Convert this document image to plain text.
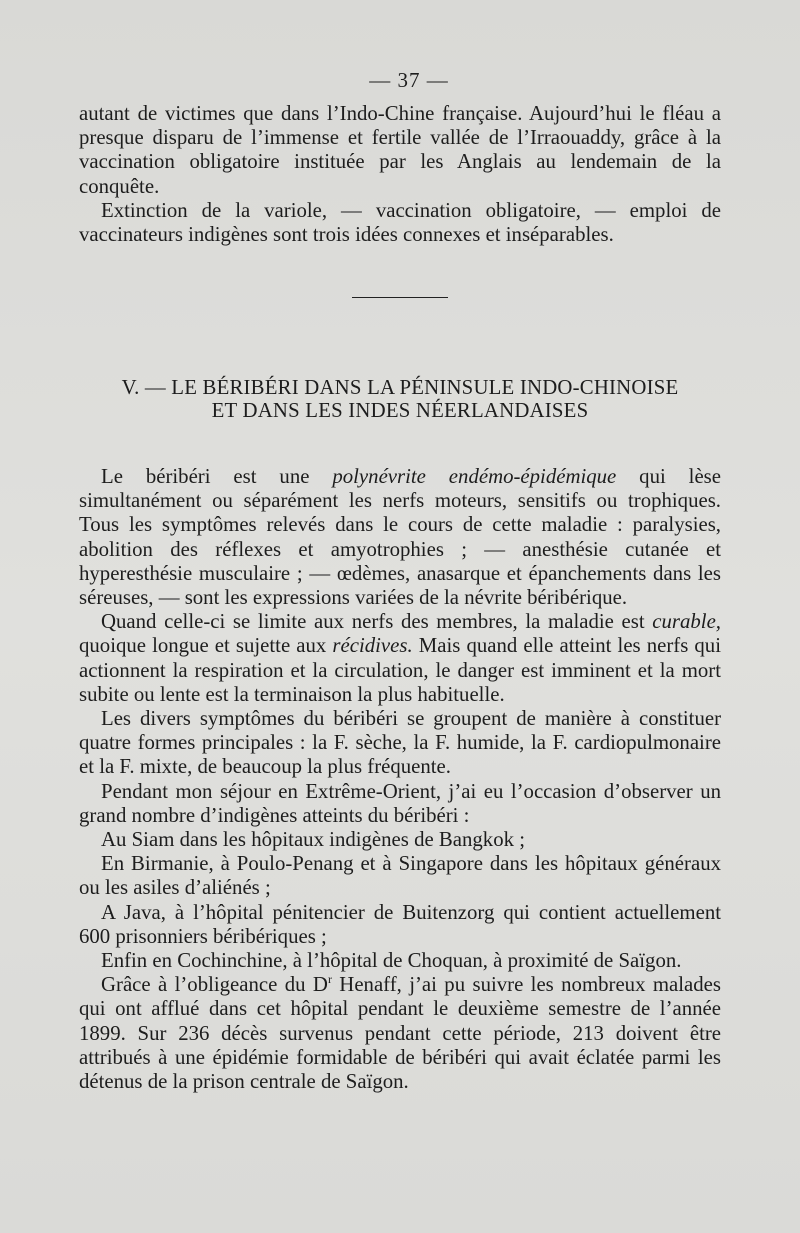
— 37 —

autant de victimes que dans l’Indo-Chine française. Aujourd’hui le fléau a presque disparu de l’immense et fertile vallée de l’Irraouaddy, grâce à la vaccination obligatoire instituée par les Anglais au lendemain de la conquête.

Extinction de la variole, — vaccination obligatoire, — emploi de vaccinateurs indigènes sont trois idées connexes et inséparables.

V. — LE BÉRIBÉRI DANS LA PÉNINSULE INDO-CHINOISE
ET DANS LES INDES NÉERLANDAISES

Le béribéri est une polynévrite endémo-épidémique qui lèse simultanément ou séparément les nerfs moteurs, sensitifs ou trophiques. Tous les symptômes relevés dans le cours de cette maladie : paralysies, abolition des réflexes et amyotrophies ; — anesthésie cutanée et hyperesthésie musculaire ; — œdèmes, anasarque et épanchements dans les séreuses, — sont les expressions variées de la névrite béribérique.

Quand celle-ci se limite aux nerfs des membres, la maladie est curable, quoique longue et sujette aux récidives. Mais quand elle atteint les nerfs qui actionnent la respiration et la circulation, le danger est imminent et la mort subite ou lente est la terminaison la plus habituelle.

Les divers symptômes du béribéri se groupent de manière à constituer quatre formes principales : la F. sèche, la F. humide, la F. cardiopulmonaire et la F. mixte, de beaucoup la plus fréquente.

Pendant mon séjour en Extrême-Orient, j’ai eu l’occasion d’observer un grand nombre d’indigènes atteints du béribéri :

Au Siam dans les hôpitaux indigènes de Bangkok ;

En Birmanie, à Poulo-Penang et à Singapore dans les hôpitaux généraux ou les asiles d’aliénés ;

A Java, à l’hôpital pénitencier de Buitenzorg qui contient actuellement 600 prisonniers béribériques ;

Enfin en Cochinchine, à l’hôpital de Choquan, à proximité de Saïgon.

Grâce à l’obligeance du $D^r$ Henaff, j’ai pu suivre les nombreux malades qui ont afflué dans cet hôpital pendant le deuxième semestre de l’année 1899. Sur 236 décès survenus pendant cette période, 213 doivent être attribués à une épidémie formidable de béribéri qui avait éclatée parmi les détenus de la prison centrale de Saïgon.
